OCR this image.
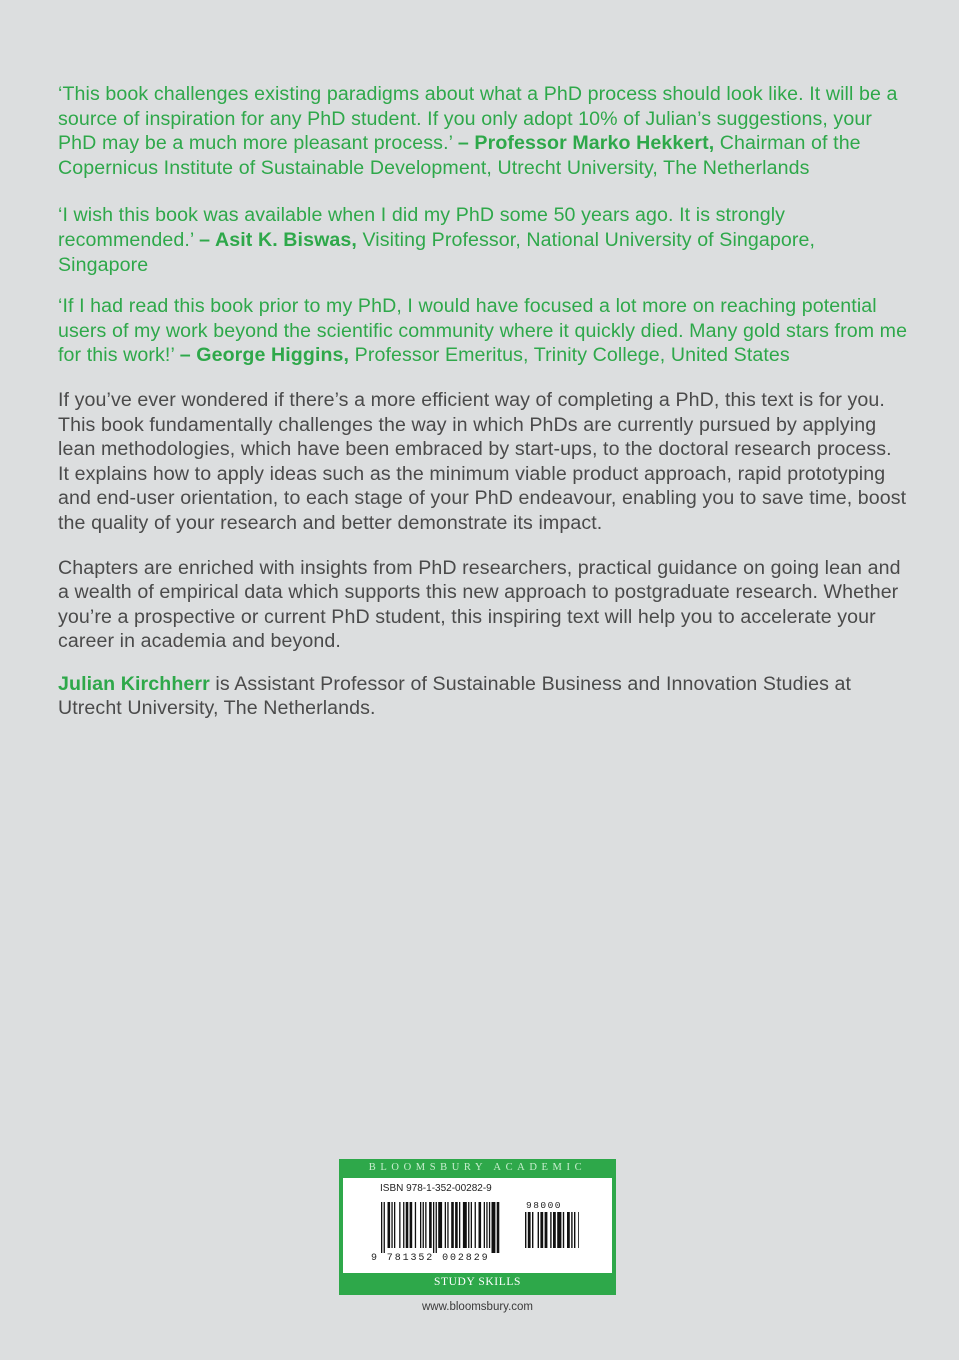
‘This book challenges existing paradigms about what a PhD process should look like. It will be a source of inspiration for any PhD student. If you only adopt 10% of Julian’s suggestions, your PhD may be a much more pleasant process.’ – Professor Marko Hekkert, Chairman of the Copernicus Institute of Sustainable Development, Utrecht University, The Netherlands

‘I wish this book was available when I did my PhD some 50 years ago. It is strongly recommended.’ – Asit K. Biswas, Visiting Professor, National University of Singapore, Singapore

‘If I had read this book prior to my PhD, I would have focused a lot more on reaching potential users of my work beyond the scientific community where it quickly died. Many gold stars from me for this work!’ – George Higgins, Professor Emeritus, Trinity College, United States

If you’ve ever wondered if there’s a more efficient way of completing a PhD, this text is for you. This book fundamentally challenges the way in which PhDs are currently pursued by applying lean methodologies, which have been embraced by start-ups, to the doctoral research process. It explains how to apply ideas such as the minimum viable product approach, rapid prototyping and end-user orientation, to each stage of your PhD endeavour, enabling you to save time, boost the quality of your research and better demonstrate its impact.

Chapters are enriched with insights from PhD researchers, practical guidance on going lean and a wealth of empirical data which supports this new approach to postgraduate research. Whether you’re a prospective or current PhD student, this inspiring text will help you to accelerate your career in academia and beyond.

Julian Kirchherr is Assistant Professor of Sustainable Business and Innovation Studies at Utrecht University, The Netherlands.

BLOOMSBURY ACADEMIC
ISBN 978-1-352-00282-9
98000
9 781352 002829
STUDY SKILLS
www.bloomsbury.com
